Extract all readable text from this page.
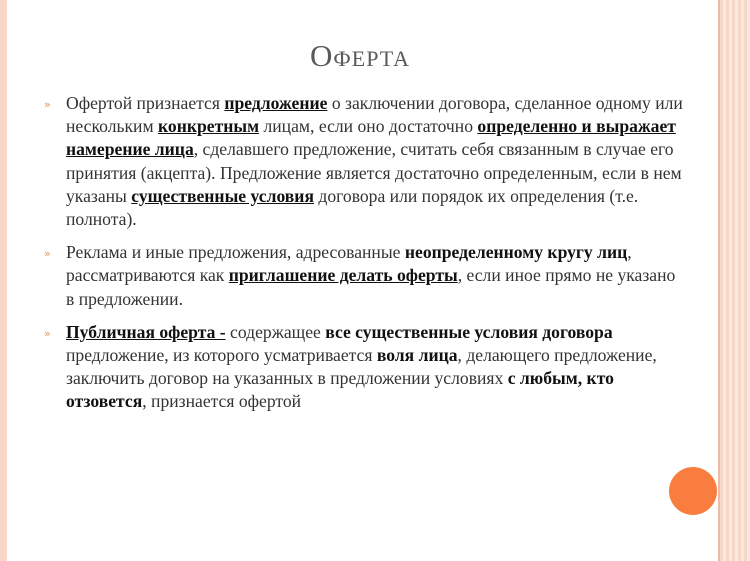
Оферта
» Офертой признается предложение о заключении договора, сделанное одному или нескольким конкретным лицам, если оно достаточно определенно и выражает намерение лица, сделавшего предложение, считать себя связанным в случае его принятия (акцепта). Предложение является достаточно определенным, если в нем указаны существенные условия договора или порядок их определения (т.е. полнота).
» Реклама и иные предложения, адресованные неопределенному кругу лиц, рассматриваются как приглашение делать оферты, если иное прямо не указано в предложении.
» Публичная оферта - содержащее все существенные условия договора предложение, из которого усматривается воля лица, делающего предложение, заключить договор на указанных в предложении условиях с любым, кто отзовется, признается офертой
